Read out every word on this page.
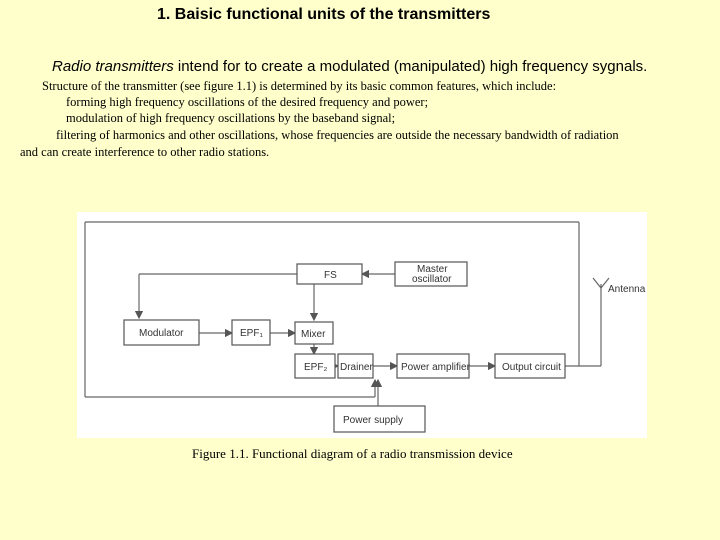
1. Baisic functional units of the transmitters
Radio transmitters intend for to create a modulated (manipulated) high frequency sygnals.
Structure of the transmitter (see figure 1.1) is determined by its basic common features, which include:
forming high frequency oscillations of the desired frequency and power;
modulation of high frequency oscillations by the baseband signal;
filtering of harmonics and other oscillations, whose frequencies are outside the necessary bandwidth of radiation
and can create interference to other radio stations.
FS
Master
oscillator
Modulator	EPF₁	Mixer
EPF₂ Drainer	Power amplifier	Output circuit
Power supply
Antenna
Figure 1.1. Functional diagram of a radio transmission device
